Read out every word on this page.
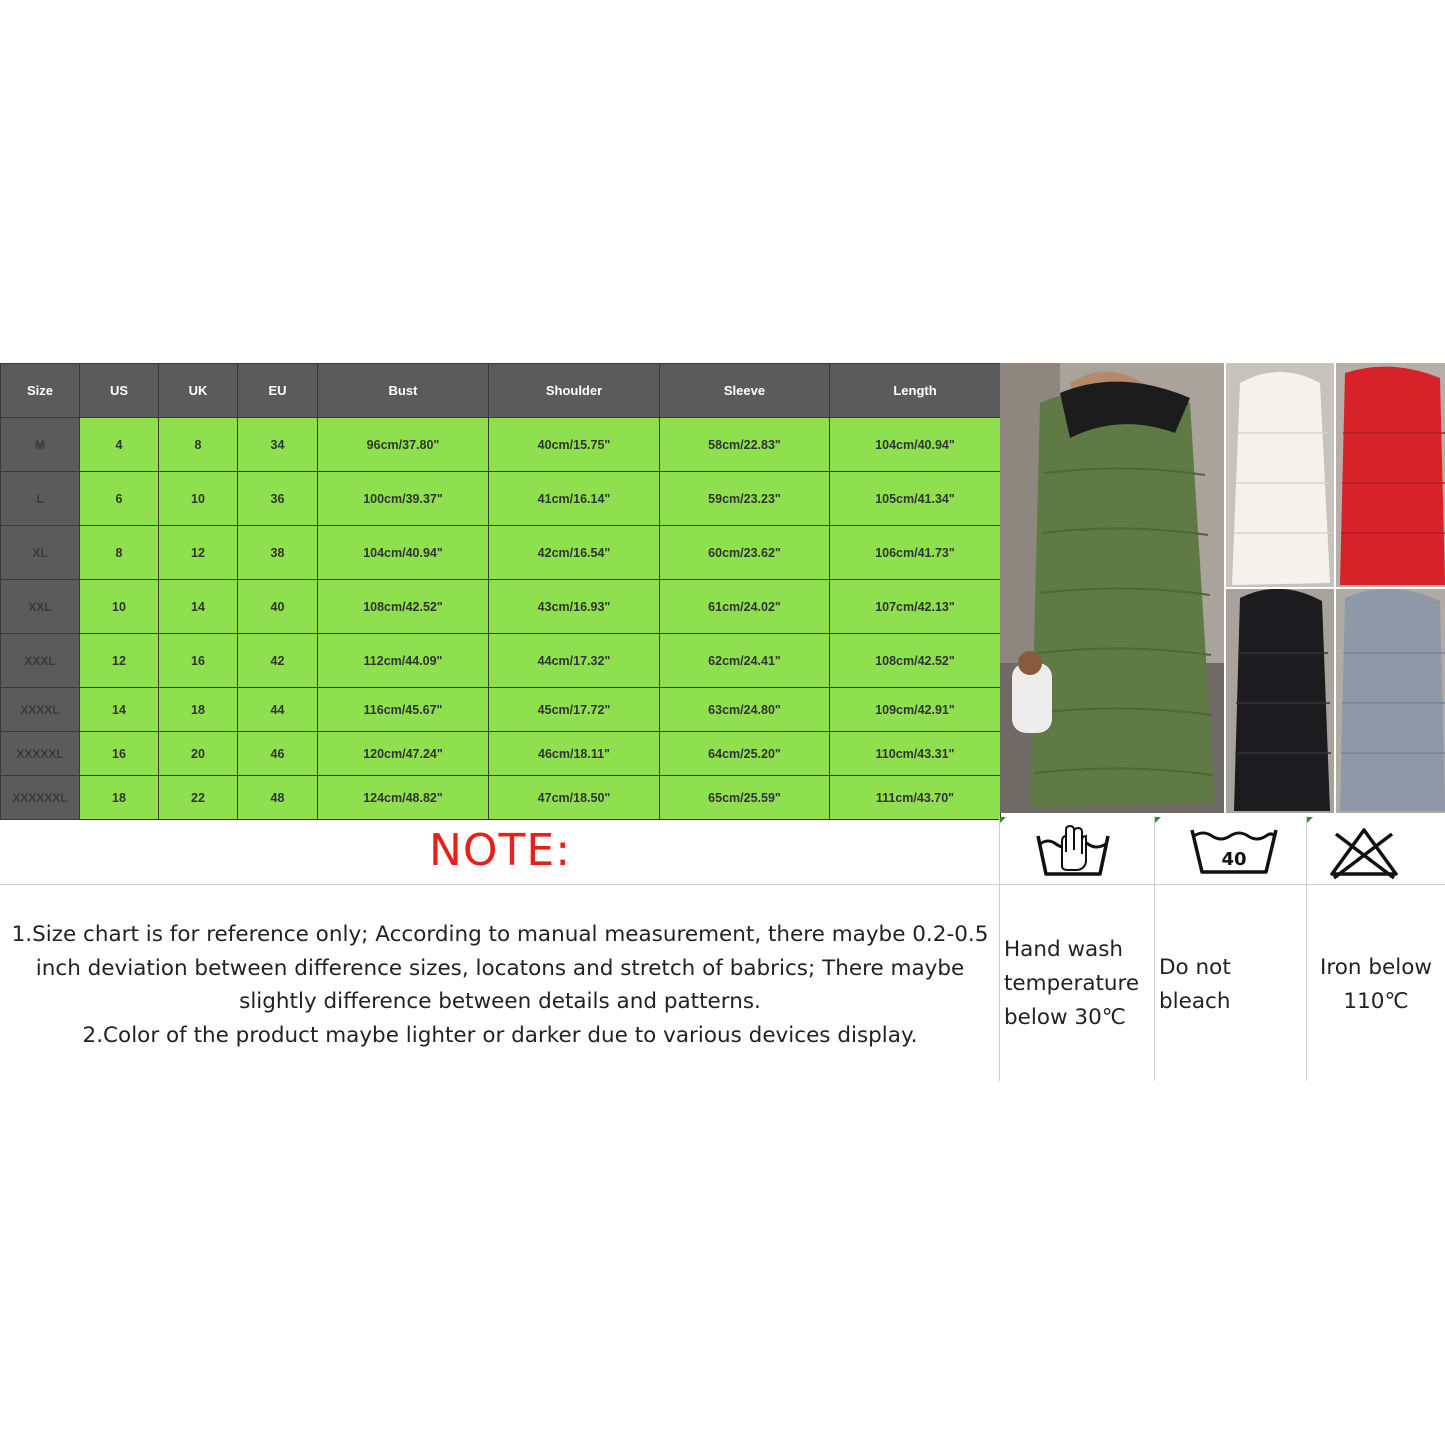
Size	US	UK	EU	Bust	Shoulder	Sleeve	Length
M	4	8	34	96cm/37.80"	40cm/15.75"	58cm/22.83"	104cm/40.94"
L	6	10	36	100cm/39.37"	41cm/16.14"	59cm/23.23"	105cm/41.34"
XL	8	12	38	104cm/40.94"	42cm/16.54"	60cm/23.62"	106cm/41.73"
XXL	10	14	40	108cm/42.52"	43cm/16.93"	61cm/24.02"	107cm/42.13"
XXXL	12	16	42	112cm/44.09"	44cm/17.32"	62cm/24.41"	108cm/42.52"
XXXXL	14	18	44	116cm/45.67"	45cm/17.72"	63cm/24.80"	109cm/42.91"
XXXXXL	16	20	46	120cm/47.24"	46cm/18.11"	64cm/25.20"	110cm/43.31"
XXXXXXL	18	22	48	124cm/48.82"	47cm/18.50"	65cm/25.59"	111cm/43.70"
NOTE:

1.Size chart is for reference only; According to manual measurement, there maybe 0.2-0.5 inch deviation between difference sizes, locatons and stretch of babrics; There maybe slightly difference between details and patterns.

2.Color of the product maybe lighter or darker due to various devices display.

40
Hand wash
temperature
below 30℃
Do not
bleach
Iron below
110℃
